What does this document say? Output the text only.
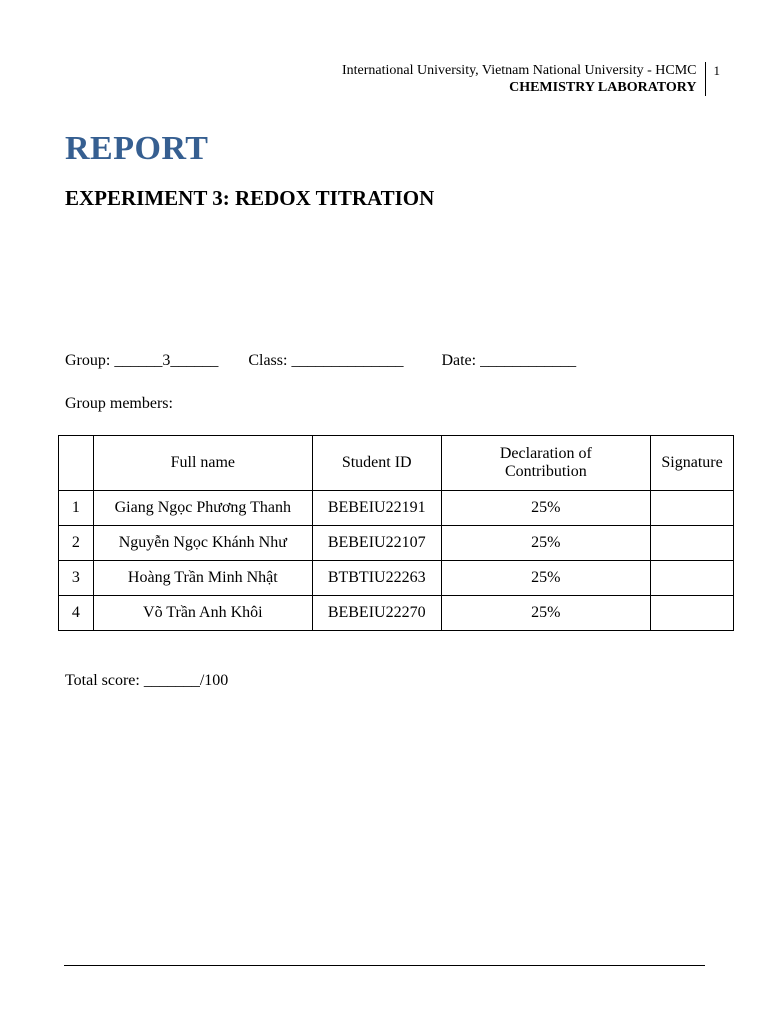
International University, Vietnam National University - HCMC
CHEMISTRY LABORATORY
1
REPORT
EXPERIMENT 3: REDOX TITRATION
Group: ______3______ Class: ______________ Date: ____________
Group members:
	Full name	Student ID	Declaration of
Contribution	Signature
1	Giang Ngọc Phương Thanh	BEBEIU22191	25%	
2	Nguyễn Ngọc Khánh Như	BEBEIU22107	25%	
3	Hoàng Trần Minh Nhật	BTBTIU22263	25%	
4	Võ Trần Anh Khôi	BEBEIU22270	25%	
Total score: _______/100
